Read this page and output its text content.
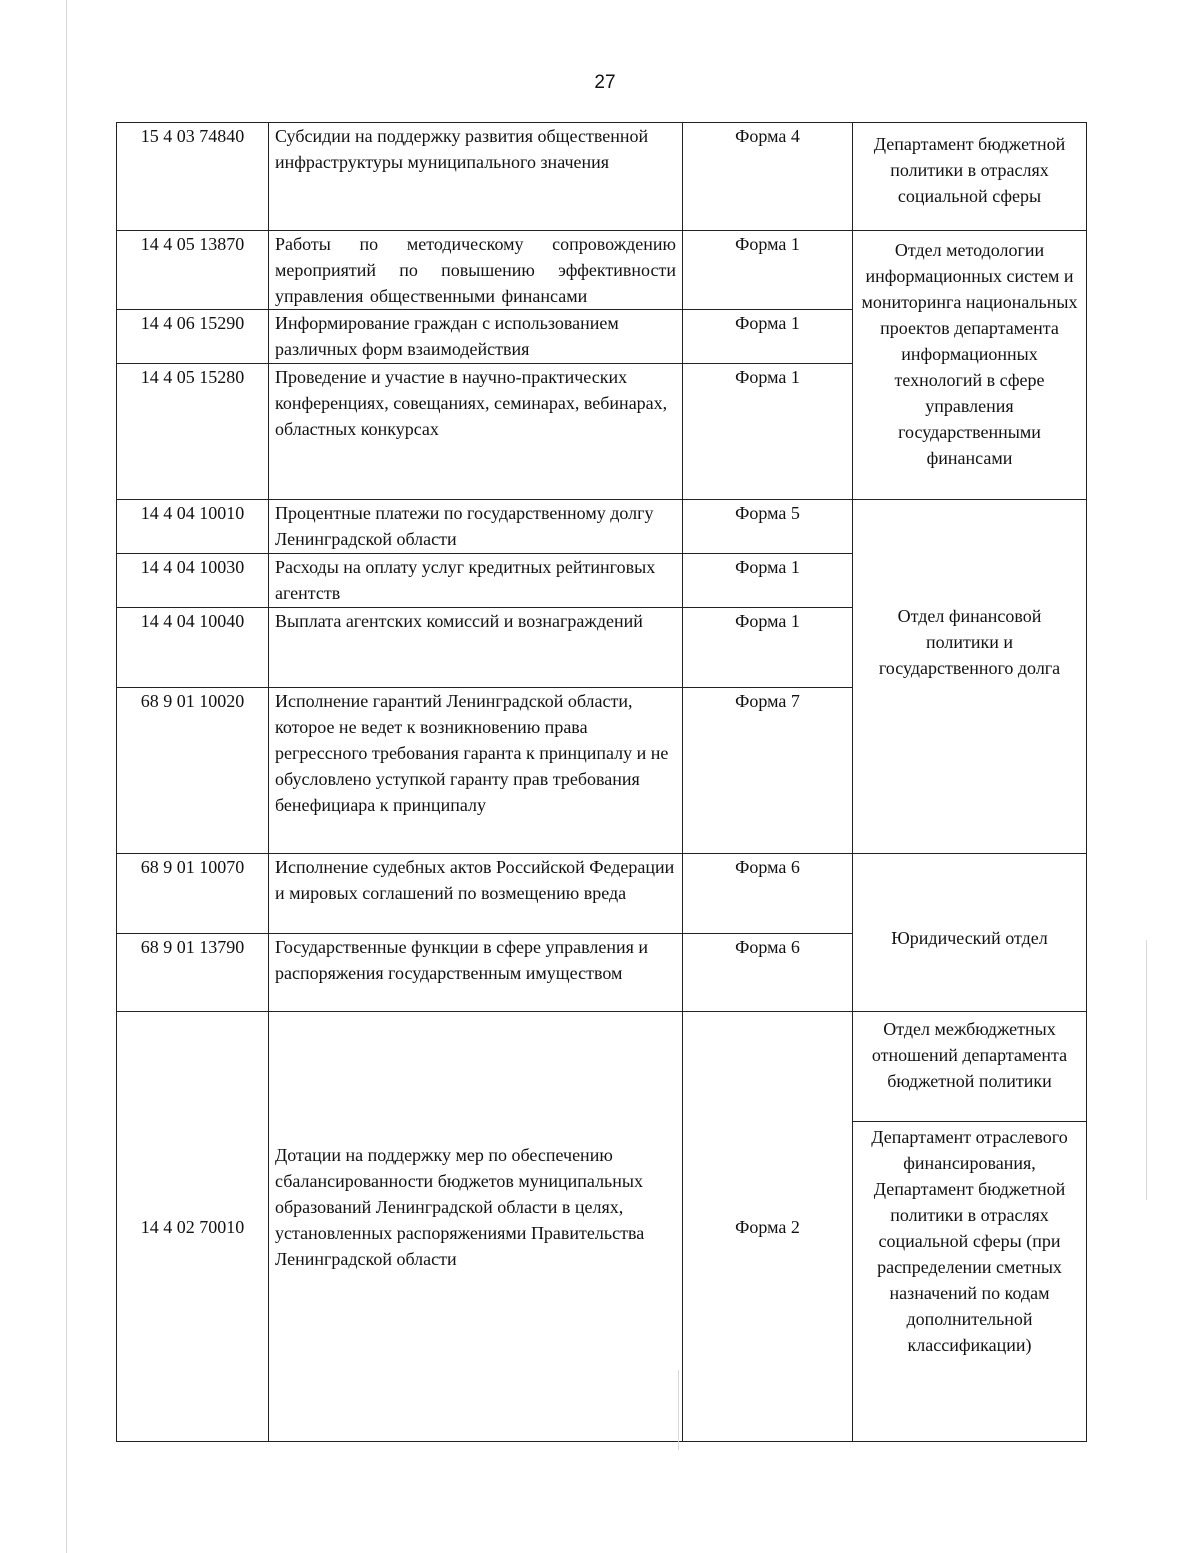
27
15 4 03 74840	Субсидии на поддержку развития общественной инфраструктуры муниципального значения	Форма 4	Департамент бюджетной политики в отраслях социальной сферы
14 4 05 13870	Работы по методическому сопровождению мероприятий по повышению эффективности управления общественными финансами	Форма 1	Отдел методологии информационных систем и мониторинга национальных проектов департамента информационных технологий в сфере управления государственными финансами
14 4 06 15290	Информирование граждан с использованием различных форм взаимодействия	Форма 1	
14 4 05 15280	Проведение и участие в научно-практических конференциях, совещаниях, семинарах, вебинарах, областных конкурсах	Форма 1	
14 4 04 10010	Процентные платежи по государственному долгу Ленинградской области	Форма 5	Отдел финансовой политики и государственного долга
14 4 04 10030	Расходы на оплату услуг кредитных рейтинговых агентств	Форма 1	
14 4 04 10040	Выплата агентских комиссий и вознаграждений	Форма 1	
68 9 01 10020	Исполнение гарантий Ленинградской области, которое не ведет к возникновению права регрессного требования гаранта к принципалу и не обусловлено уступкой гаранту прав требования бенефициара к принципалу	Форма 7	
68 9 01 10070	Исполнение судебных актов Российской Федерации и мировых соглашений по возмещению вреда	Форма 6	Юридический отдел
68 9 01 13790	Государственные функции в сфере управления и распоряжения государственным имуществом	Форма 6	
14 4 02 70010	Дотации на поддержку мер по обеспечению сбалансированности бюджетов муниципальных образований Ленинградской области в целях, установленных распоряжениями Правительства Ленинградской области	Форма 2	Отдел межбюджетных отношений департамента бюджетной политики
			Департамент отраслевого финансирования, Департамент бюджетной политики в отраслях социальной сферы (при распределении сметных назначений по кодам дополнительной классификации)
